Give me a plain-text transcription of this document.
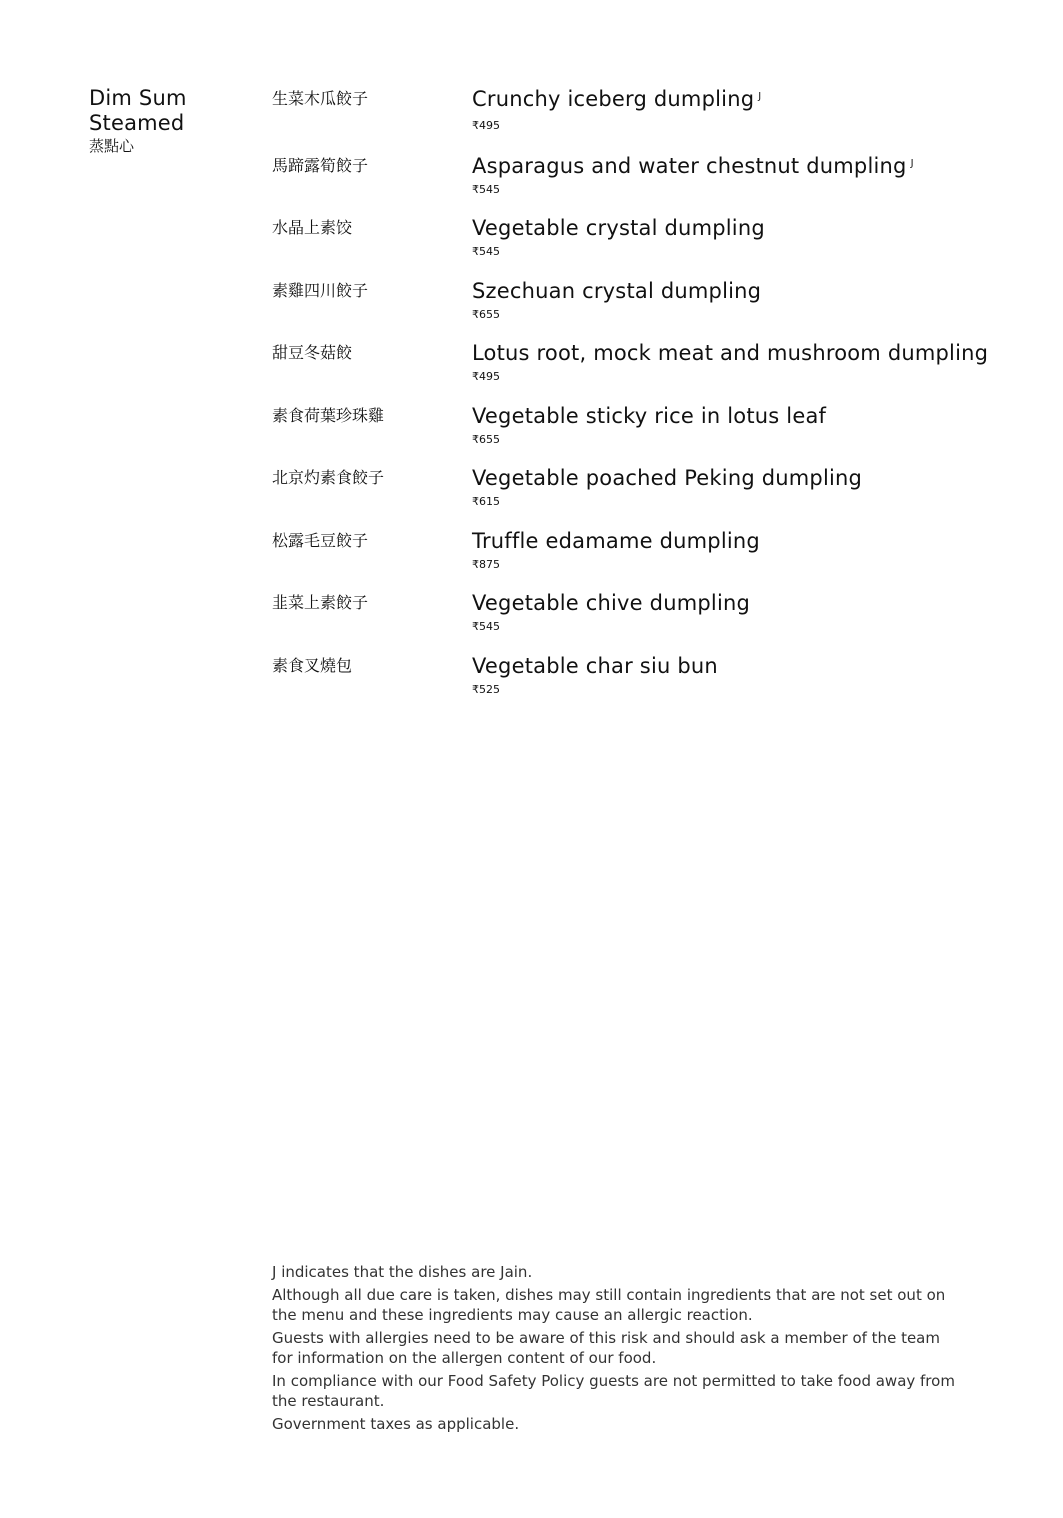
Dim Sum
Steamed
蒸點心
生菜木瓜餃子	Crunchy iceberg dumpling $^J$
₹495
馬蹄露筍餃子	Asparagus and water chestnut dumpling $^J$
₹545
水晶上素饺	Vegetable crystal dumpling
₹545
素雞四川餃子	Szechuan crystal dumpling
₹655
甜豆冬菇餃	Lotus root, mock meat and mushroom dumpling
₹495
素食荷葉珍珠雞	Vegetable sticky rice in lotus leaf
₹655
北京灼素食餃子	Vegetable poached Peking dumpling
₹615
松露毛豆餃子	Truffle edamame dumpling
₹875
韭菜上素餃子	Vegetable chive dumpling
₹545
素食叉燒包	Vegetable char siu bun
₹525

J indicates that the dishes are Jain.

Although all due care is taken, dishes may still contain ingredients that are not set out on the menu and these ingredients may cause an allergic reaction.

Guests with allergies need to be aware of this risk and should ask a member of the team for information on the allergen content of our food.

In compliance with our Food Safety Policy guests are not permitted to take food away from the restaurant.

Government taxes as applicable.
